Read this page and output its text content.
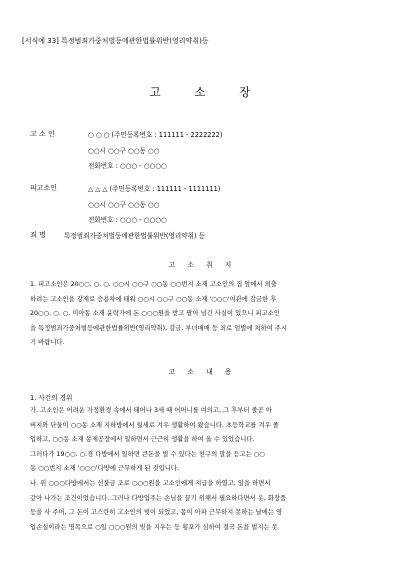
[서식예 33] 특정범죄가중처벌등에관한법률위반(영리약취)등
고 소 장
고 소 인	○ ○ ○ (주민등록번호 : 111111 - 2222222)
○○시 ○○구 ○○동 ○○
전화번호 : ○○○ - ○○○○
피고소인	△ △ △ (주민등록번호 : 111111 - 1111111)
○○시 ○○구 ○○동 ○○
전화번호 : ○○○ - ○○○○
죄 명	특정범죄가중처벌등에관한법률위반(영리약취) 등
고 소 취 지
1. 피고소인은 20○○. ○. ○. ○○시 ○○구 ○○동 ○○번지 소재 고소인의 집 앞에서 외출
하려는 고소인을 강제로 승용차에 태워 ○○시 ○○구 ○○동 소재 '○○○'여관에 감금한 후
20○○. ○. ○. 미아동 소재 윤락가에 돈 ○○○원을 받고 팔아 넘긴 사실이 있으니 피고소인
을 특정범죄가중처벌등에관한법률위반(영리약취), 감금, 부녀매매 등 죄로 엄벌에 처하여 주시
기 바랍니다.
고 소 내 용
1. 사건의 경위
가. 고소인은 어려운 가정환경 속에서 태어나 3세 때 어머니를 여의고, 그 후부터 줄곧 아
버지와 단둘이 ○○동 소재 지하방에서 월세로 겨우 생활하여 왔습니다. 초등학교를 겨우 졸
업하고, ○○동 소재 봉제공장에서 일하면서 근근히 생활을 하여 올 수 있었습니다.
그러다가 19○○. ○.경 다방에서 일하면 큰돈을 벌 수 있다는 친구의 말을 듣고는 ○○
동 ○○번지 소재 '○○○'다방에 근무하게 된 것입니다.
나. 위 ○○○다방에서는 선불금 조로 ○○○원을 고소인에게 지급을 하였고, 일을 하면서
갚아 나가는 조건이었습니다. 그러나 다방업주는 손님을 끌기 위해서 필요하다면서 옷, 화장품
등을 사 주어, 그 돈이 고스란히 고소인의 빚이 되었고, 몸이 아파 근무하지 못하는 날에는 영
업손실이라는 명목으로 ○일 ○○○원의 빚을 지우는 등 횡포가 심하여 결국 돈을 벌지는 못
